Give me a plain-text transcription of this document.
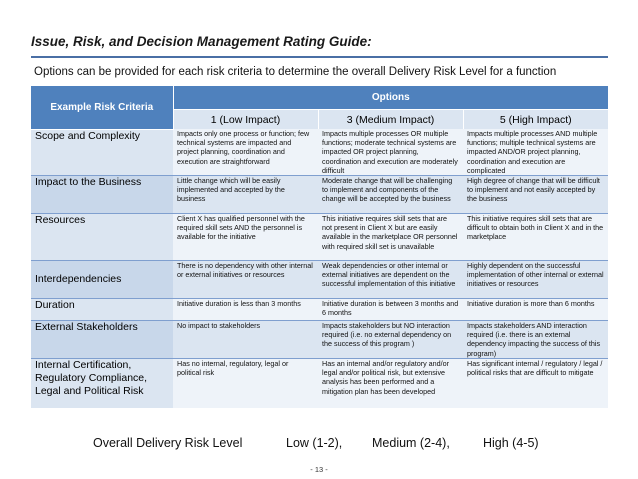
Issue, Risk, and Decision Management Rating Guide:
Options can be provided for each risk criteria to determine the overall Delivery Risk Level for a function
Example Risk Criteria	Options		
	1 (Low Impact)	3 (Medium Impact)	5 (High Impact)
Scope and Complexity	Impacts only one process or function; few technical systems are impacted and project planning, coordination and execution are straightforward	Impacts multiple processes OR multiple functions; moderate technical systems are impacted OR project planning, coordination and execution are moderately difficult	Impacts multiple processes AND multiple functions; multiple technical systems are impacted AND/OR project planning, coordination and execution are complicated
Impact to the Business	Little change which will be easily implemented and accepted by the business	Moderate change that will be challenging to implement and components of the change will be accepted by the business	High degree of change that will be difficult to implement and not easily accepted by the business
Resources	Client X has qualified personnel with the required skill sets AND the personnel is available for the initiative	This initiative requires skill sets that are not present in Client X but are easily available in the marketplace OR personnel with required skill set is unavailable	This initiative requires skill sets that are difficult to obtain both in Client X and in the marketplace
Interdependencies	There is no dependency with other internal or external initiatives or resources	Weak dependencies or other internal or external initiatives are dependent on the successful implementation of this initiative	Highly dependent on the successful implementation of other internal or external initiatives or resources
Duration	Initiative duration is less than 3 months	Initiative duration is between 3 months and 6 months	Initiative duration is more than 6 months
External Stakeholders	No impact to stakeholders	Impacts stakeholders but NO interaction required (i.e. no external dependency on the success of this program )	Impacts stakeholders AND interaction required (i.e. there is an external dependency impacting the success of this program)
Internal Certification, Regulatory Compliance, Legal and Political Risk	Has no internal, regulatory, legal or political risk	Has an internal and/or regulatory and/or legal and/or political risk, but extensive analysis has been performed and a mitigation plan has been developed	Has significant internal / regulatory / legal / political risks that are difficult to mitigate
Overall Delivery Risk Level	Low (1-2), Medium (2-4),	High (4-5)
- 13 -
